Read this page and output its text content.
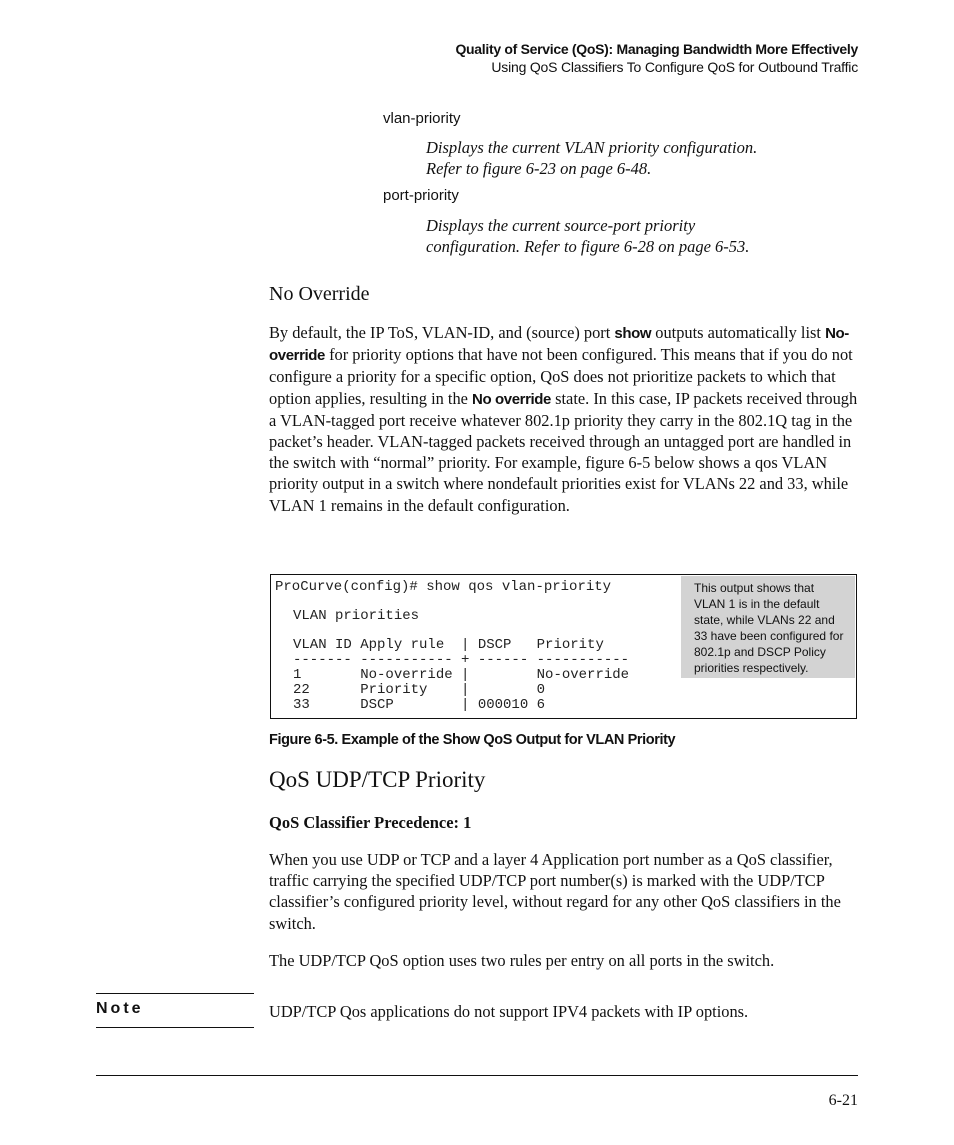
Quality of Service (QoS): Managing Bandwidth More Effectively
Using QoS Classifiers To Configure QoS for Outbound Traffic
vlan-priority
Displays the current VLAN priority configuration.
Refer to figure 6-23 on page 6-48.
port-priority
Displays the current source-port priority
configuration. Refer to figure 6-28 on page 6-53.
No Override
By default, the IP ToS, VLAN-ID, and (source) port show outputs automatically list No-override for priority options that have not been configured. This means that if you do not configure a priority for a specific option, QoS does not prioritize packets to which that option applies, resulting in the No override state. In this case, IP packets received through a VLAN-tagged port receive whatever 802.1p priority they carry in the 802.1Q tag in the packet’s header. VLAN-tagged packets received through an untagged port are handled in the switch with “normal” priority. For example, figure 6-5 below shows a qos VLAN priority output in a switch where nondefault priorities exist for VLANs 22 and 33, while VLAN 1 remains in the default configuration.
ProCurve(config)# show qos vlan-priority
VLAN priorities
VLAN ID Apply rule  | DSCP   Priority
------- ----------- + ------ -----------
1       No-override |        No-override
22      Priority    |        0
33      DSCP        | 000010 6
This output shows that VLAN 1 is in the default state, while VLANs 22 and 33 have been configured for 802.1p and DSCP Policy priorities respectively.
Figure 6-5. Example of the Show QoS Output for VLAN Priority
QoS UDP/TCP Priority
QoS Classifier Precedence: 1
When you use UDP or TCP and a layer 4 Application port number as a QoS classifier, traffic carrying the specified UDP/TCP port number(s) is marked with the UDP/TCP classifier’s configured priority level, without regard for any other QoS classifiers in the switch.
The UDP/TCP QoS option uses two rules per entry on all ports in the switch.
Note	UDP/TCP Qos applications do not support IPV4 packets with IP options.
6-21
